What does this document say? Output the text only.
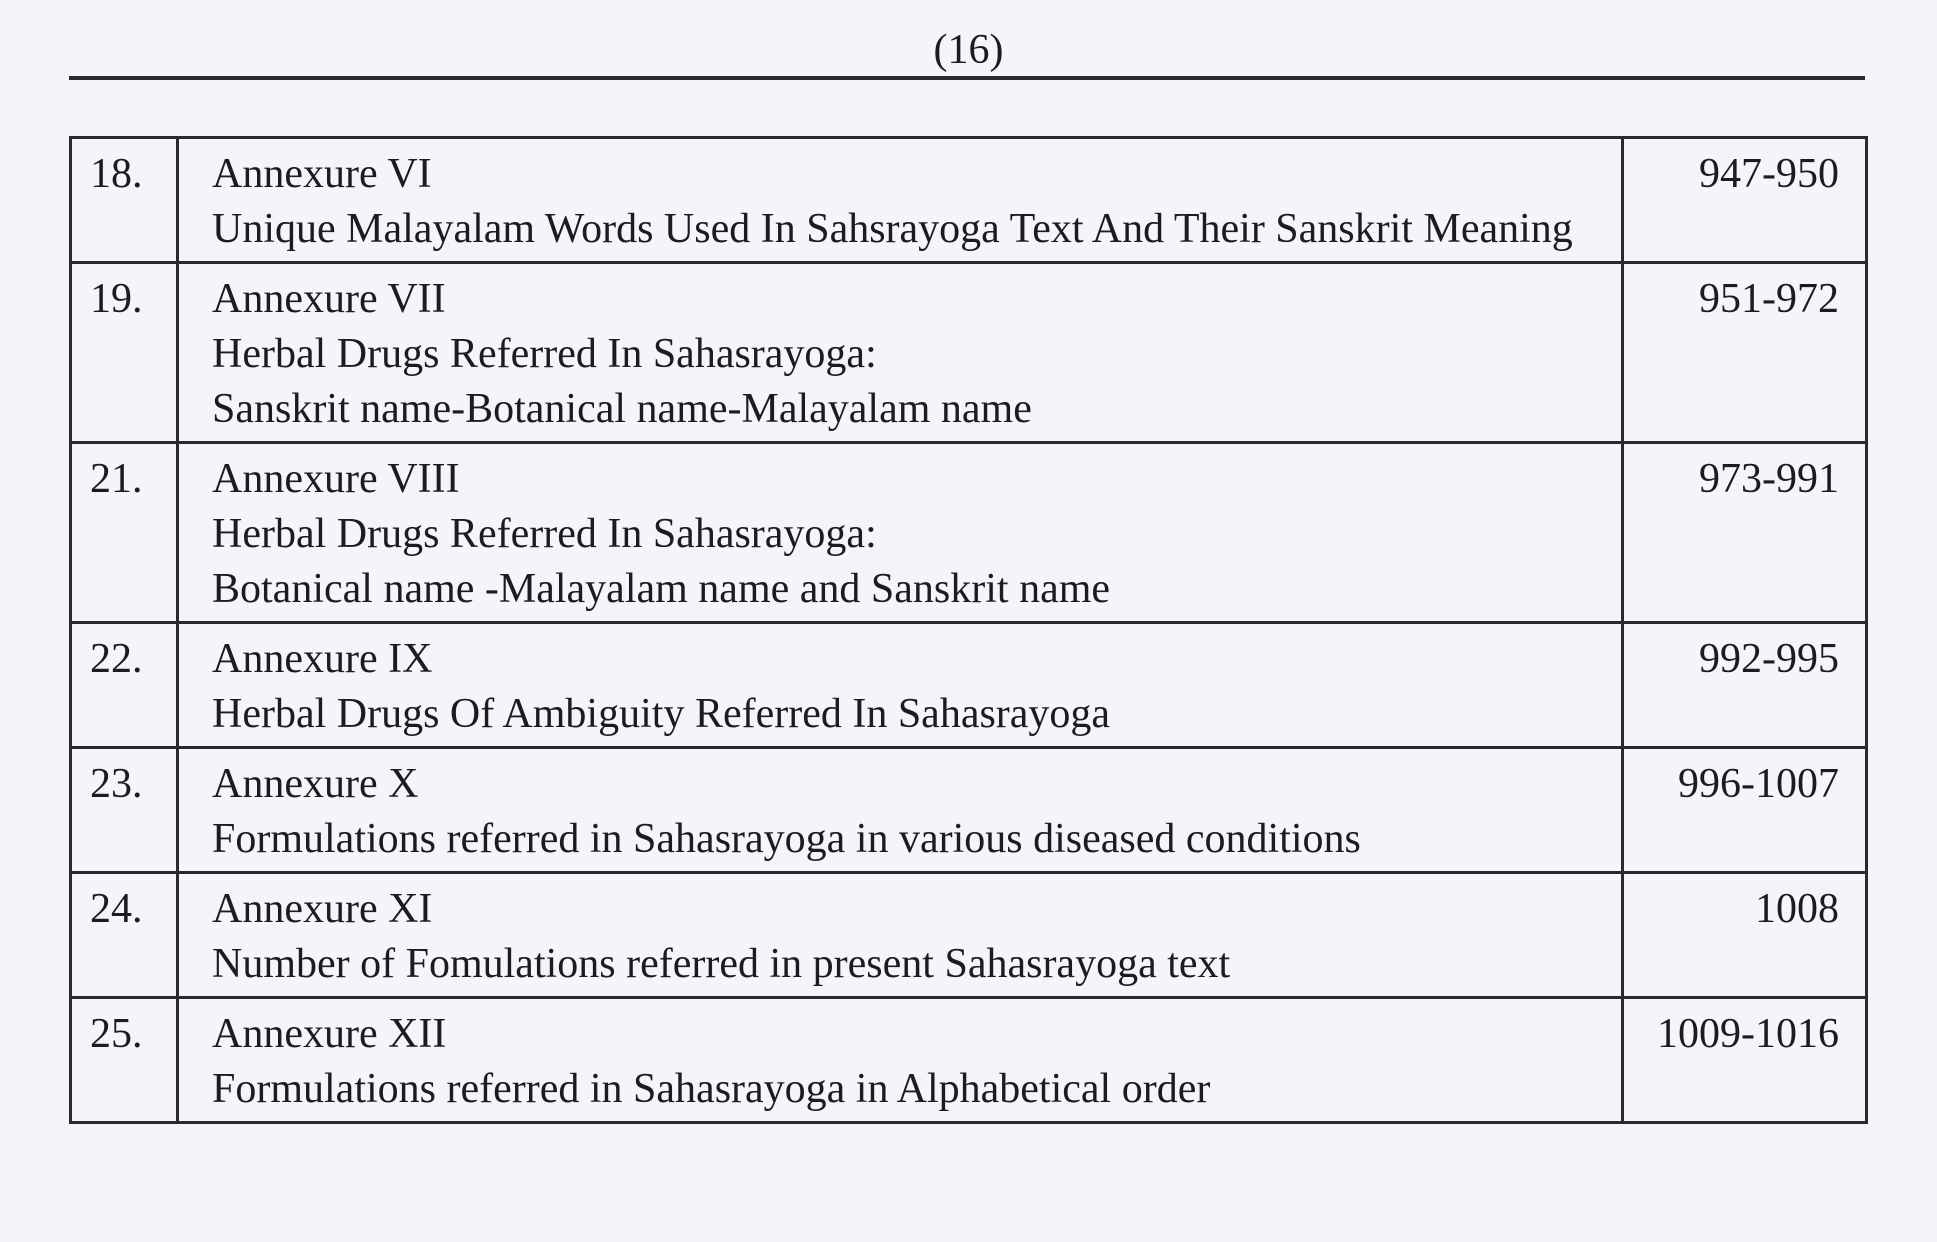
(16)
18.	Annexure VI
Unique Malayalam Words Used In Sahsrayoga Text And Their Sanskrit Meaning	947-950
19.	Annexure VII
Herbal Drugs Referred In Sahasrayoga:
Sanskrit name-Botanical name-Malayalam name	951-972
21.	Annexure VIII
Herbal Drugs Referred In Sahasrayoga:
Botanical name -Malayalam name and Sanskrit name	973-991
22.	Annexure IX
Herbal Drugs Of Ambiguity Referred In Sahasrayoga	992-995
23.	Annexure X
Formulations referred in Sahasrayoga in various diseased conditions	996-1007
24.	Annexure XI
Number of Fomulations referred in present Sahasrayoga text	1008
25.	Annexure XII
Formulations referred in Sahasrayoga in Alphabetical order	1009-1016
